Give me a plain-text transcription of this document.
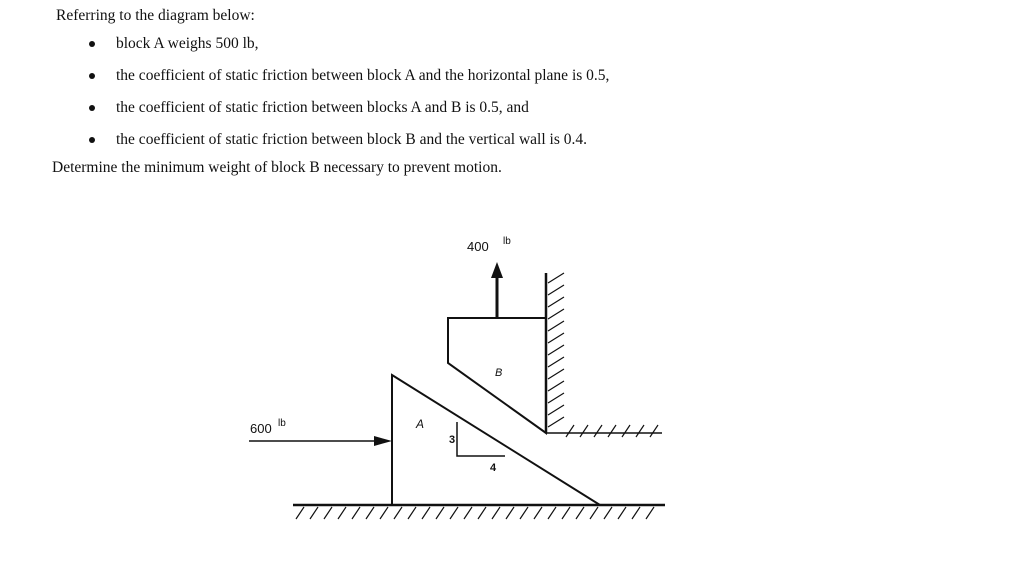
Referring to the diagram below:

block A weighs 500 lb,
the coefficient of static friction between block A and the horizontal plane is 0.5,
the coefficient of static friction between blocks A and B is 0.5, and
the coefficient of static friction between block B and the vertical wall is 0.4.

Determine the minimum weight of block B necessary to prevent motion.

3
4
A
B
400 lb
600 lb
